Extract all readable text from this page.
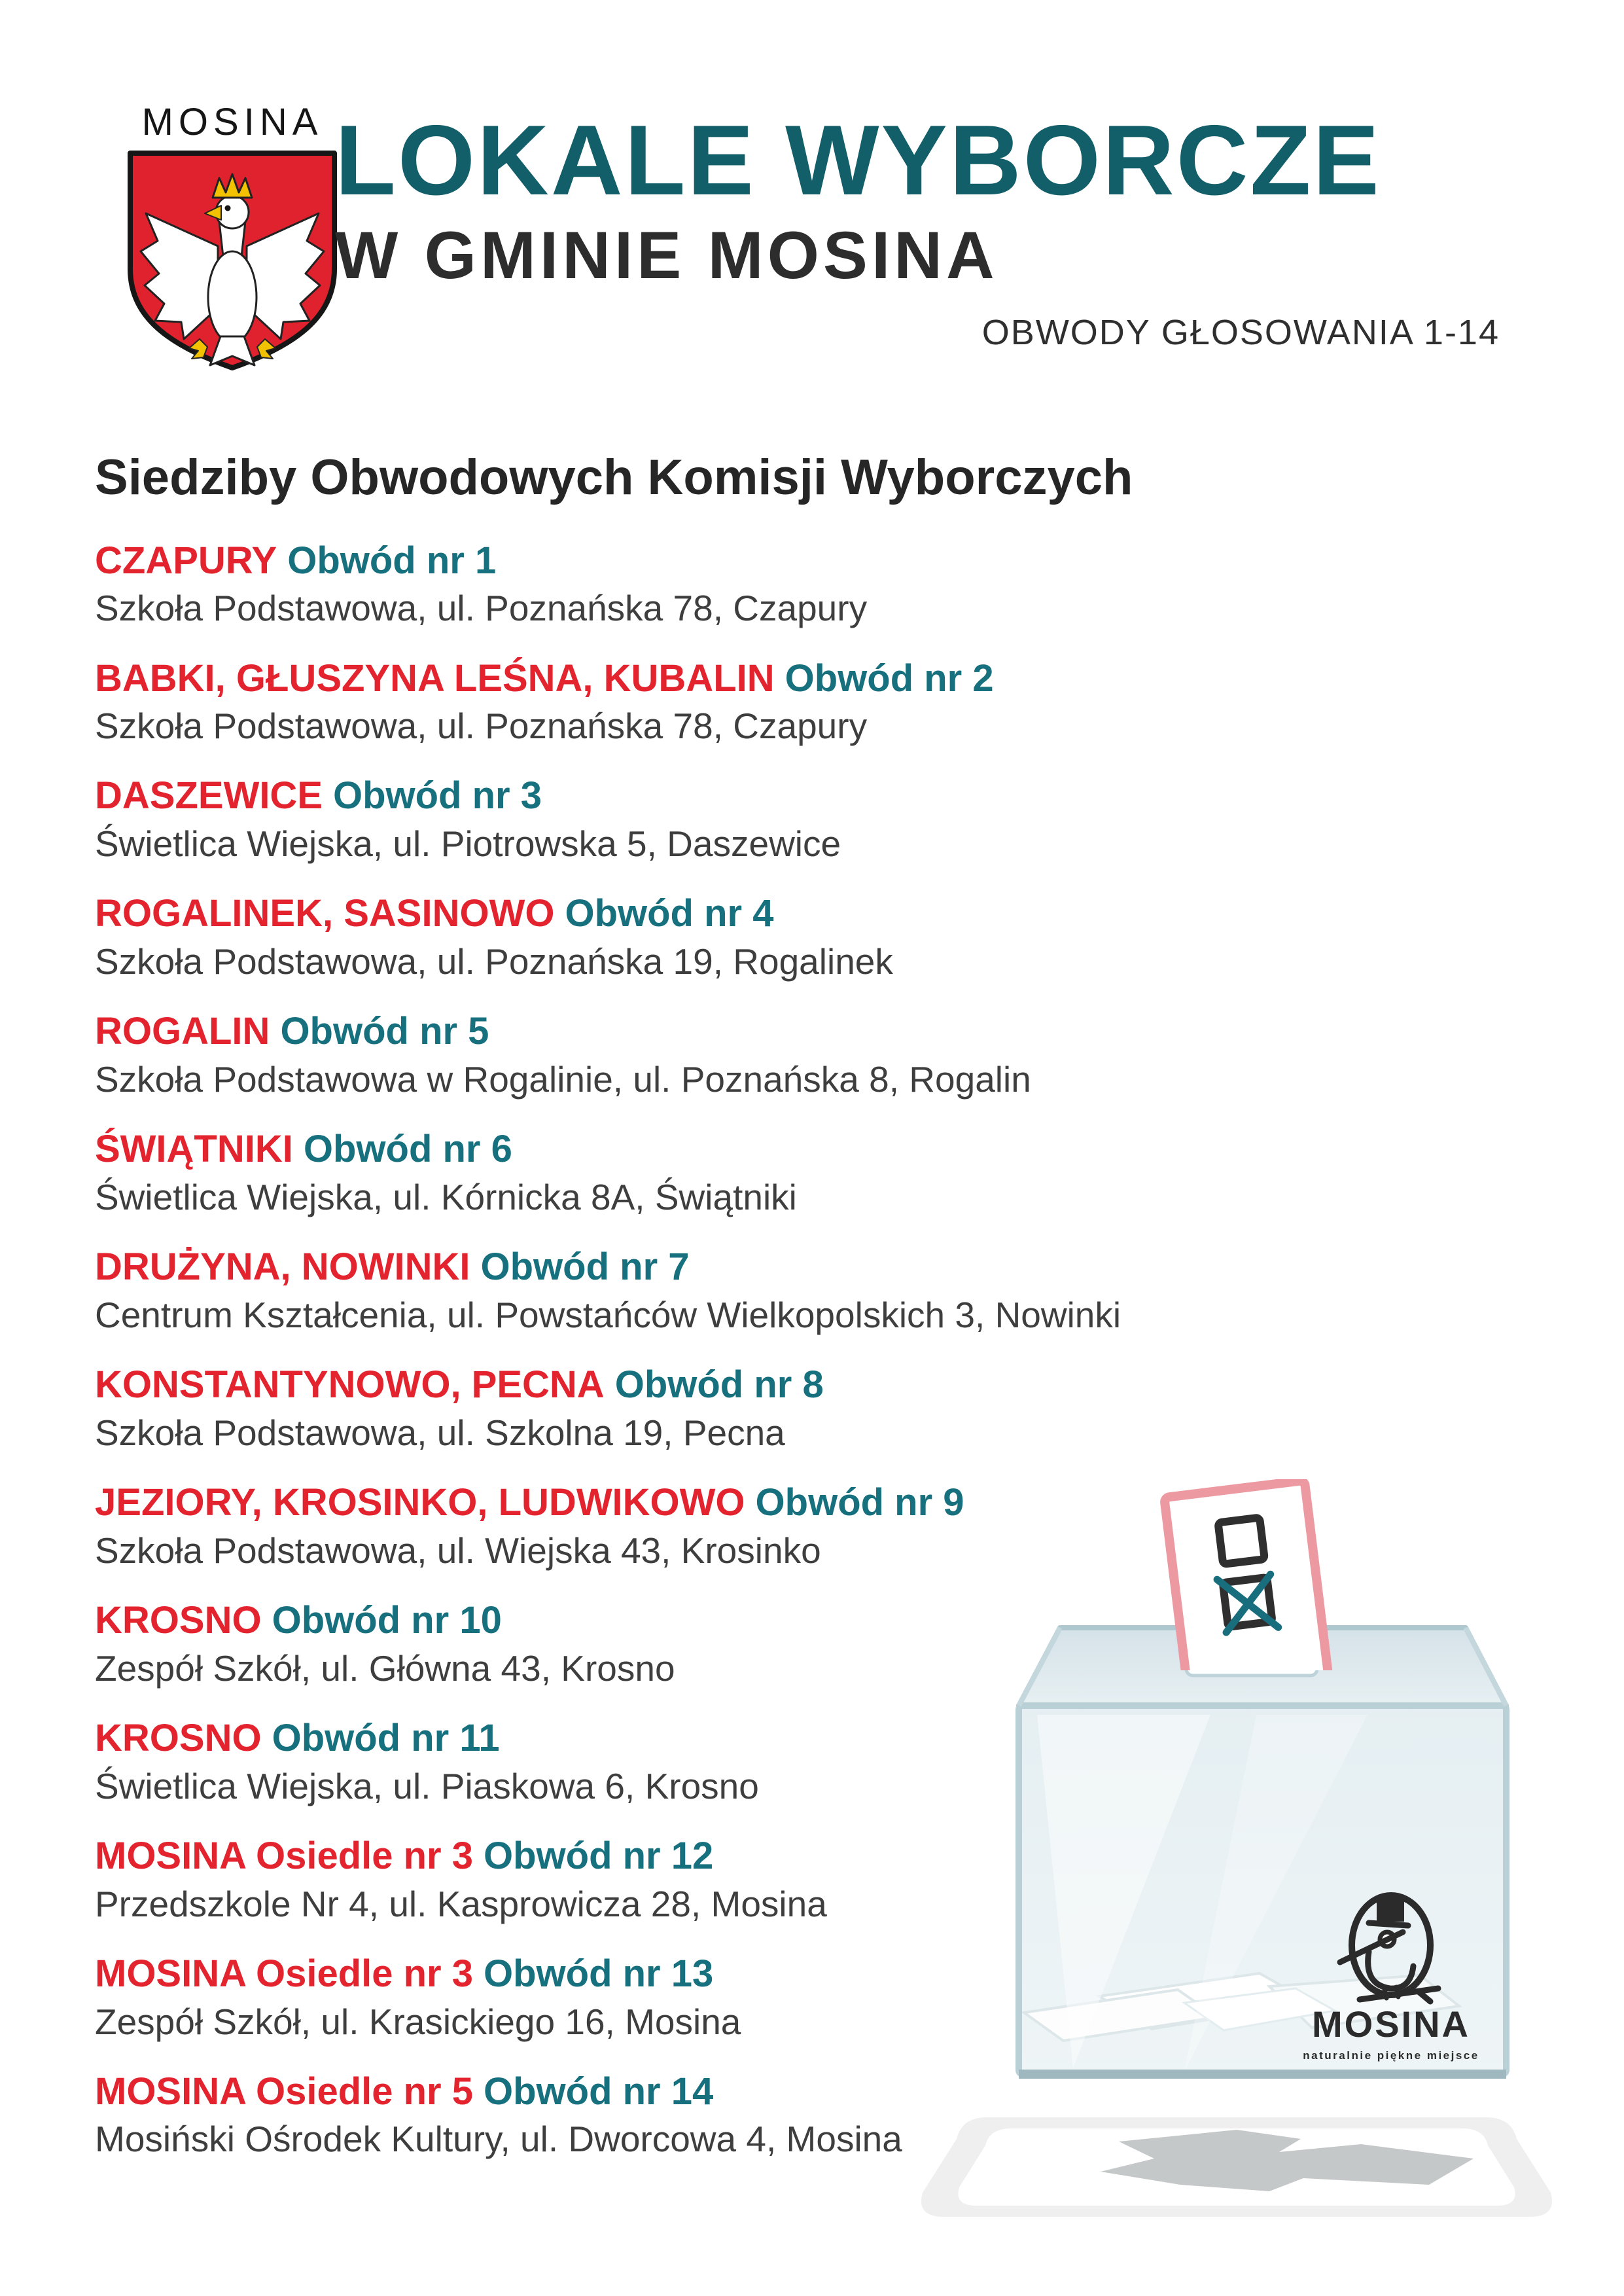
MOSINA LOKALE WYBORCZE
W GMINIE MOSINA
OBWODY GŁOSOWANIA 1-14
Siedziby Obwodowych Komisji Wyborczych
CZAPURY Obwód nr 1
Szkoła Podstawowa, ul. Poznańska 78, Czapury
BABKI, GŁUSZYNA LEŚNA, KUBALIN Obwód nr 2
Szkoła Podstawowa, ul. Poznańska 78, Czapury
DASZEWICE Obwód nr 3
Świetlica Wiejska, ul. Piotrowska 5, Daszewice
ROGALINEK, SASINOWO Obwód nr 4
Szkoła Podstawowa, ul. Poznańska 19, Rogalinek
ROGALIN Obwód nr 5
Szkoła Podstawowa w Rogalinie, ul. Poznańska 8, Rogalin
ŚWIĄTNIKI Obwód nr 6
Świetlica Wiejska, ul. Kórnicka 8A, Świątniki
DRUŻYNA, NOWINKI Obwód nr 7
Centrum Kształcenia, ul. Powstańców Wielkopolskich 3, Nowinki
KONSTANTYNOWO, PECNA Obwód nr 8
Szkoła Podstawowa, ul. Szkolna 19, Pecna
JEZIORY, KROSINKO, LUDWIKOWO Obwód nr 9
Szkoła Podstawowa, ul. Wiejska 43, Krosinko
KROSNO Obwód nr 10
Zespół Szkół, ul. Główna 43, Krosno
KROSNO Obwód nr 11
Świetlica Wiejska, ul. Piaskowa 6, Krosno
MOSINA Osiedle nr 3 Obwód nr 12
Przedszkole Nr 4, ul. Kasprowicza 28, Mosina
MOSINA Osiedle nr 3 Obwód nr 13
Zespół Szkół, ul. Krasickiego 16, Mosina
MOSINA Osiedle nr 5 Obwód nr 14
Mosiński Ośrodek Kultury, ul. Dworcowa 4, Mosina
MOSINA
naturalnie piękne miejsce
